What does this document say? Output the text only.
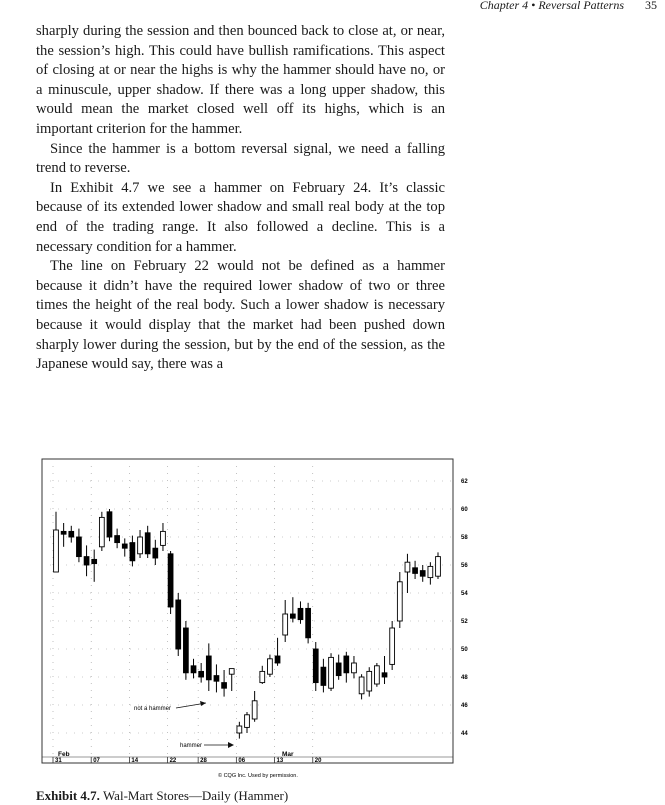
Chapter 4 • Reversal Patterns 35

sharply during the session and then bounced back to close at, or near, the session’s high. This could have bullish ramifications. This aspect of closing at or near the highs is why the hammer should have no, or a minuscule, upper shadow. If there was a long upper shadow, this would mean the market closed well off its highs, which is an important criterion for the hammer.

Since the hammer is a bottom reversal signal, we need a falling trend to reverse.

In Exhibit 4.7 we see a hammer on February 24. It’s classic because of its extended lower shadow and small real body at the top end of the trading range. It also followed a decline. This is a necessary condition for a hammer.

The line on February 22 would not be defined as a hammer because it didn’t have the required lower shadow of two or three times the height of the real body. Such a lower shadow is necessary because it would display that the market had been pushed down sharply lower during the session, but by the end of the session, as the Japanese would say, there was a

62
60
58
56
54
52
50
48
46
44
31	07	14	22	28	06	13	20
Feb	Mar
not a hammer
hammer
© CQG Inc. Used by permission.
Exhibit 4.7. Wal-Mart Stores—Daily (Hammer)
